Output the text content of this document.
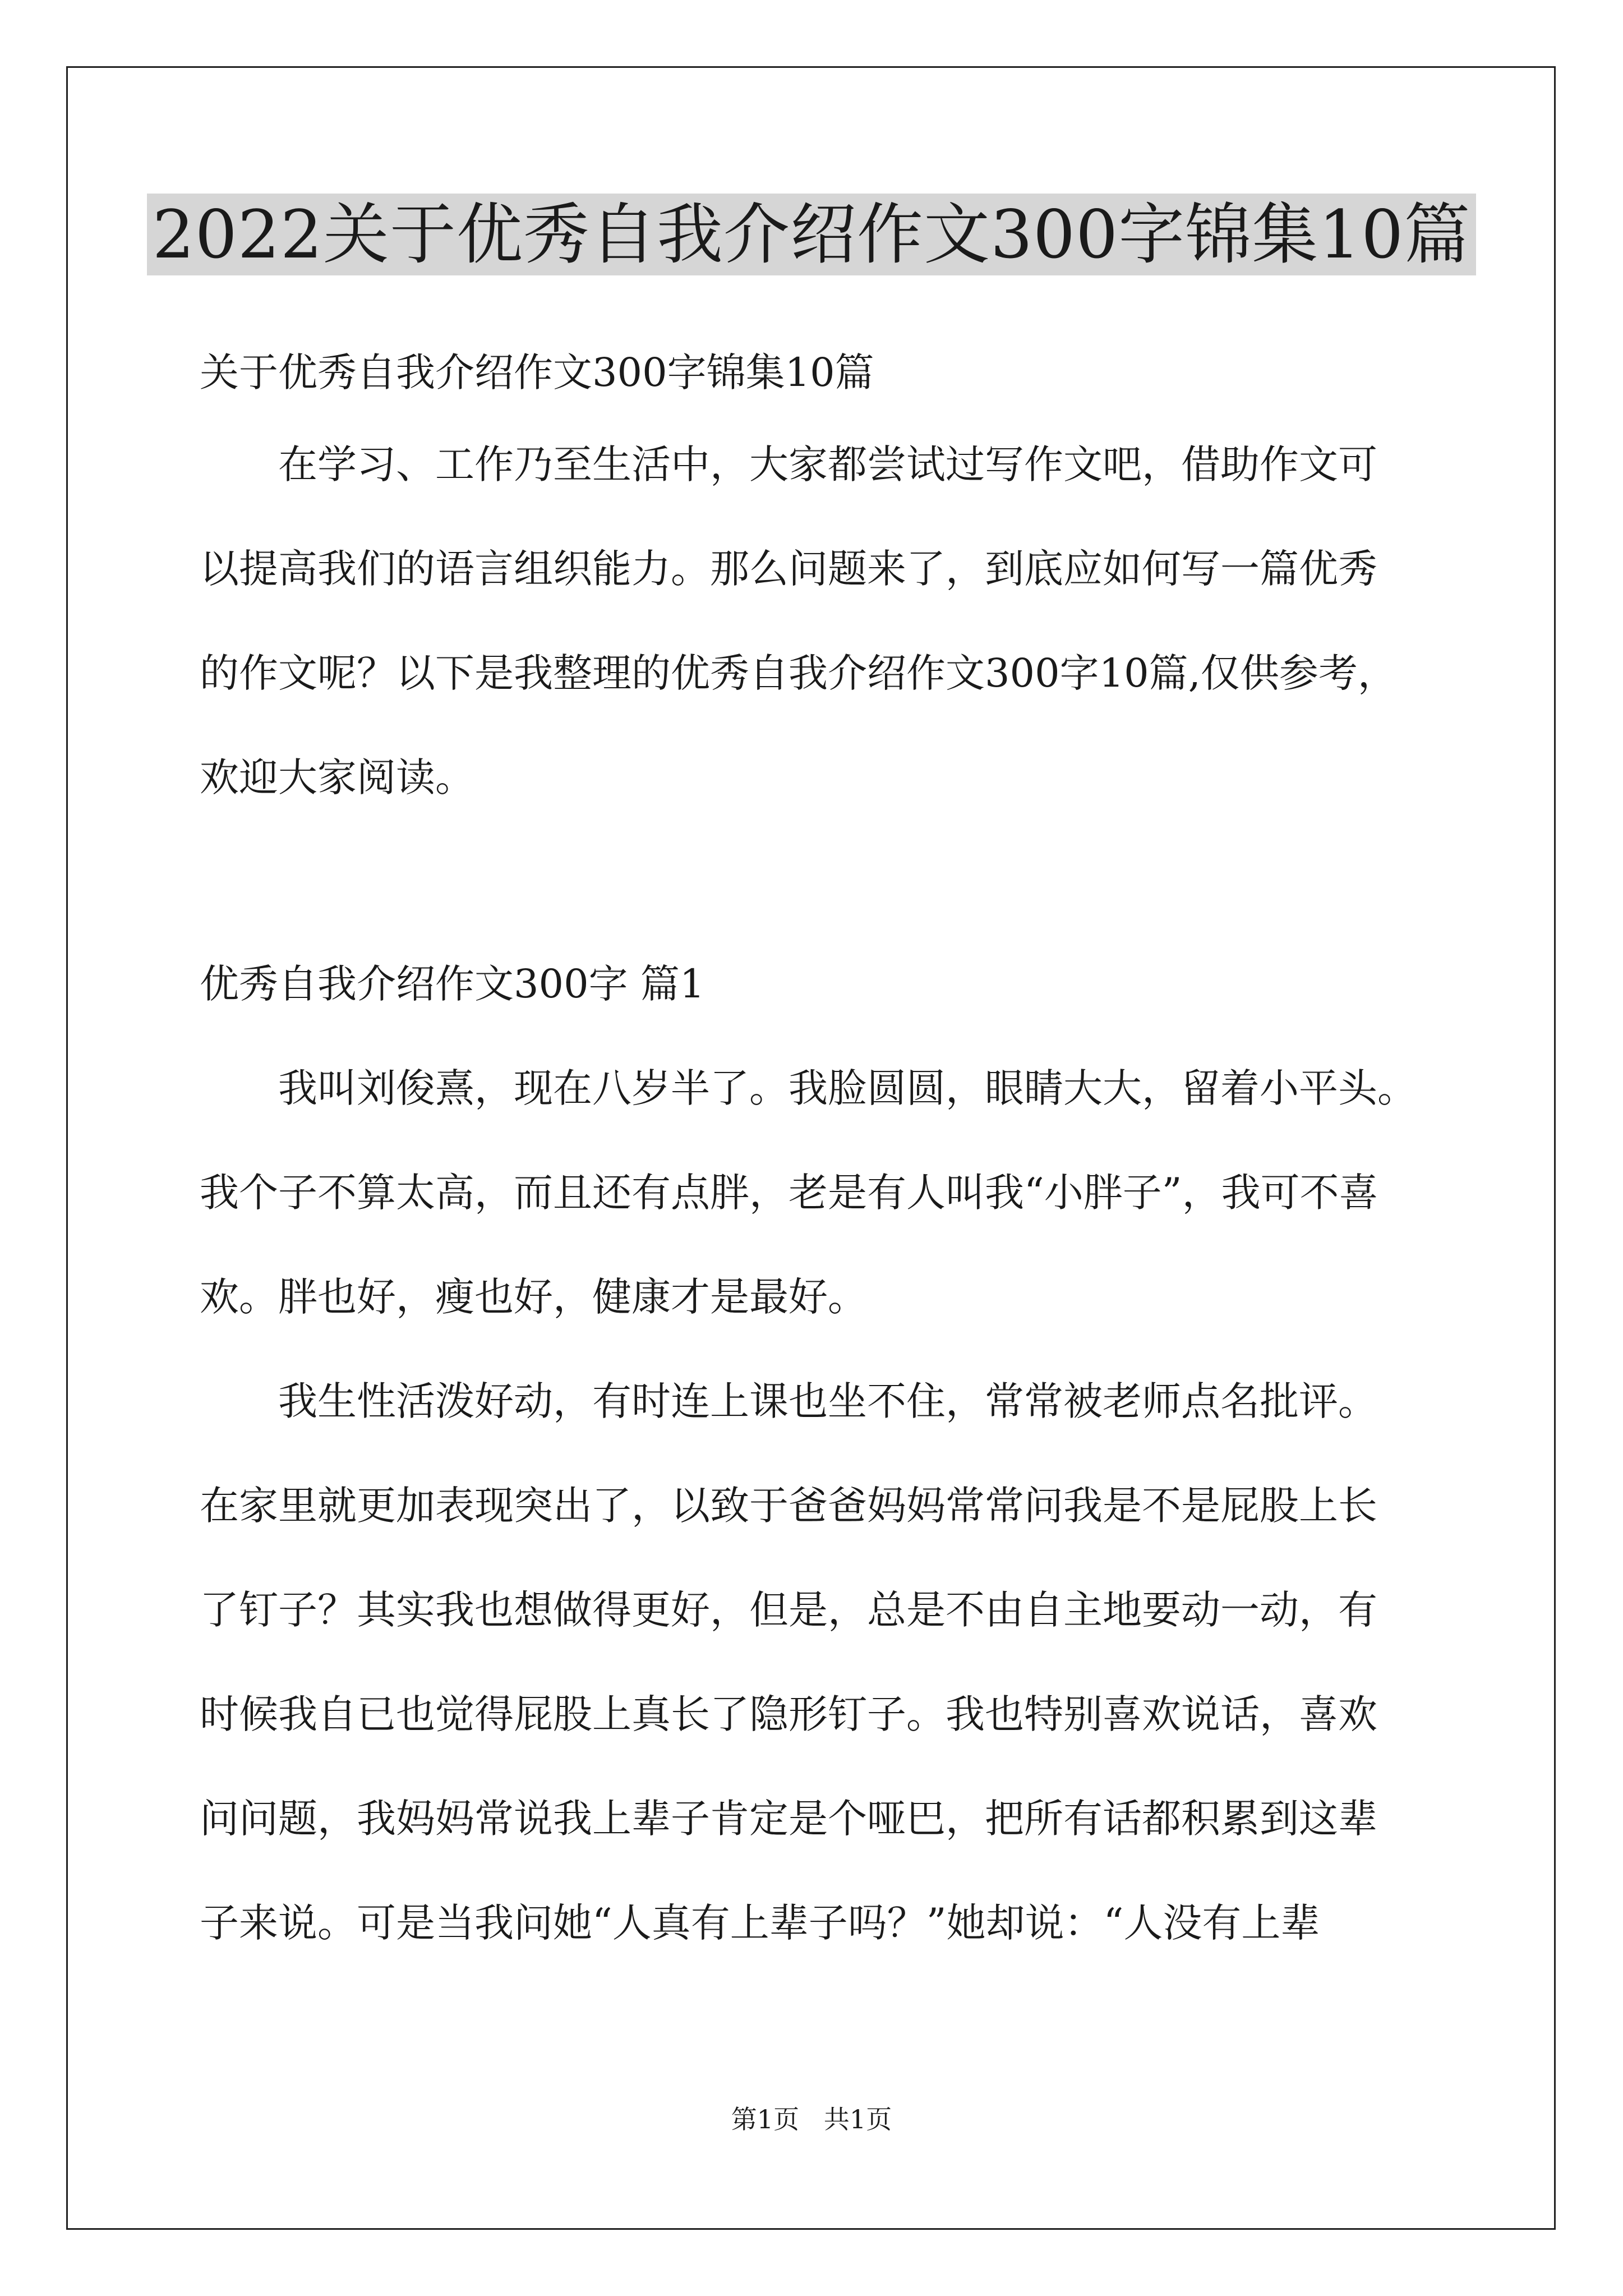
2022关于优秀自我介绍作文300字锦集10篇
关于优秀自我介绍作文300字锦集10篇
在学习、工作乃至生活中，大家都尝试过写作文吧，借助作文可
以提高我们的语言组织能力。那么问题来了，到底应如何写一篇优秀
的作文呢？以下是我整理的优秀自我介绍作文300字10篇,仅供参考，
欢迎大家阅读。
优秀自我介绍作文300字 篇1
我叫刘俊熹，现在八岁半了。我脸圆圆，眼睛大大，留着小平头。
我个子不算太高，而且还有点胖，老是有人叫我“小胖子”，我可不喜
欢。胖也好，瘦也好，健康才是最好。
我生性活泼好动，有时连上课也坐不住，常常被老师点名批评。
在家里就更加表现突出了，以致于爸爸妈妈常常问我是不是屁股上长
了钉子？其实我也想做得更好，但是，总是不由自主地要动一动，有
时候我自已也觉得屁股上真长了隐形钉子。我也特别喜欢说话，喜欢
问问题，我妈妈常说我上辈子肯定是个哑巴，把所有话都积累到这辈
子来说。可是当我问她“人真有上辈子吗？”她却说：“人没有上辈
第1页   共1页
